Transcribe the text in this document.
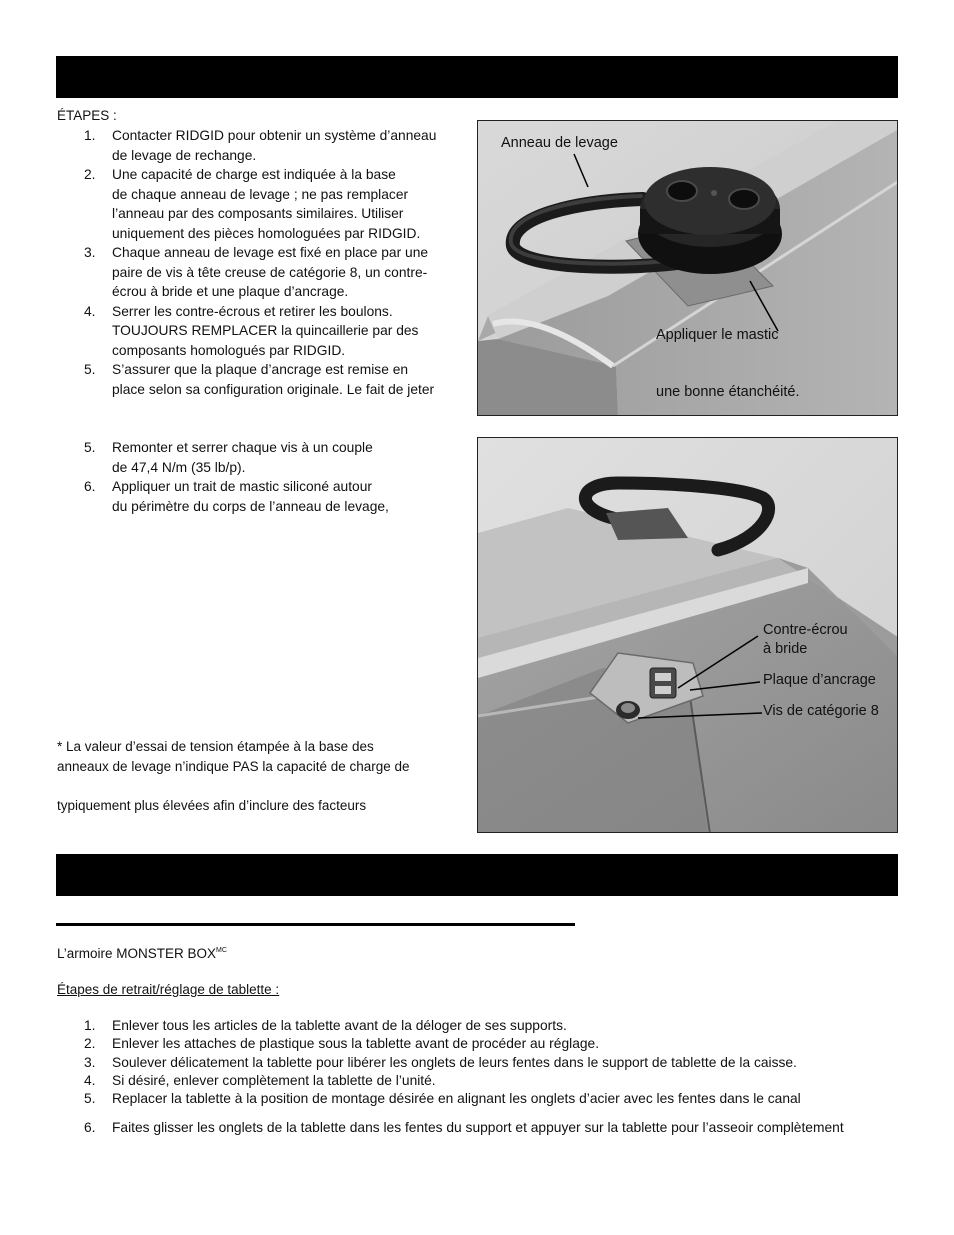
ÉTAPES :
1. Contacter RIDGID pour obtenir un système d’anneau
de levage de rechange.
2. Une capacité de charge est indiquée à la base
de chaque anneau de levage ; ne pas remplacer
l’anneau par des composants similaires. Utiliser
uniquement des pièces homologuées par RIDGID.
3. Chaque anneau de levage est fixé en place par une
paire de vis à tête creuse de catégorie 8, un contre-
écrou à bride et une plaque d’ancrage.
4. Serrer les contre-écrous et retirer les boulons.
TOUJOURS REMPLACER la quincaillerie par des
composants homologués par RIDGID.
5. S’assurer que la plaque d’ancrage est remise en
place selon sa configuration originale. Le fait de jeter
5. Remonter et serrer chaque vis à un couple
de 47,4 N/m (35 lb/p).
6. Appliquer un trait de mastic siliconé autour
du périmètre du corps de l’anneau de levage,
* La valeur d’essai de tension étampée à la base des
anneaux de levage n’indique PAS la capacité de charge de
typiquement plus élevées afin d’inclure des facteurs
Anneau de levage
Appliquer le mastic
une bonne étanchéité.
Contre-écrou
à bride
Plaque d’ancrage
Vis de catégorie 8
L’armoire MONSTER $BOX^{MC}$
Étapes de retrait/réglage de tablette :
1. Enlever tous les articles de la tablette avant de la déloger de ses supports.
2. Enlever les attaches de plastique sous la tablette avant de procéder au réglage.
3. Soulever délicatement la tablette pour libérer les onglets de leurs fentes dans le support de tablette de la caisse.
4. Si désiré, enlever complètement la tablette de l’unité.
5. Replacer la tablette à la position de montage désirée en alignant les onglets d’acier avec les fentes dans le canal
6. Faites glisser les onglets de la tablette dans les fentes du support et appuyer sur la tablette pour l’asseoir complètement
